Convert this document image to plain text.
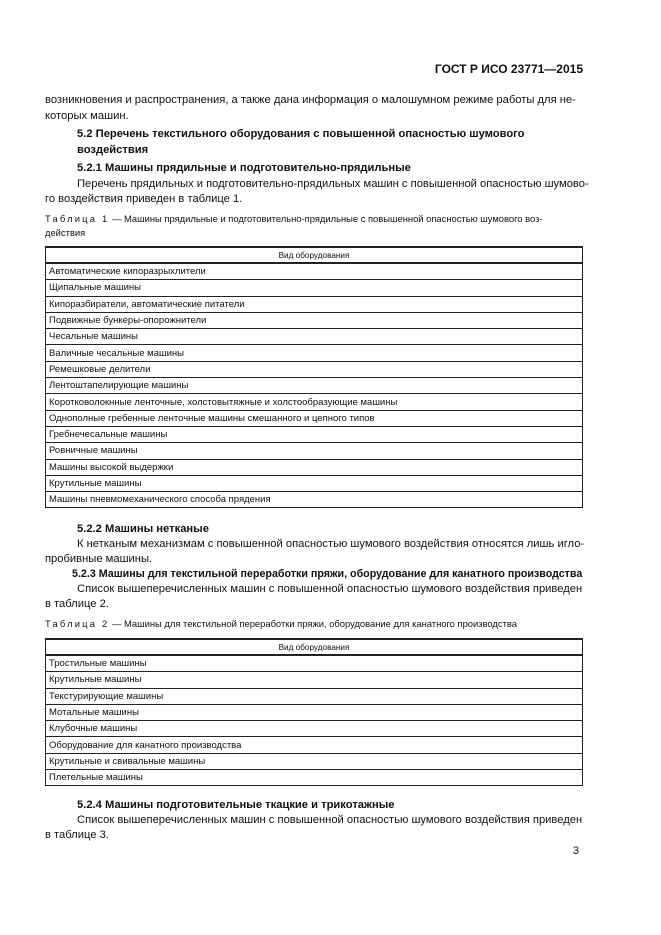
ГОСТ Р ИСО 23771—2015
возникновения и распространения, а также дана информация о малошумном режиме работы для не-
которых машин.
5.2 Перечень текстильного оборудования с повышенной опасностью шумового
воздействия
5.2.1 Машины прядильные и подготовительно-прядильные
Перечень прядильных и подготовительно-прядильных машин с повышенной опасностью шумово-
го воздействия приведен в таблице 1.
Таблица 1 — Машины прядильные и подготовительно-прядильные с повышенной опасностью шумового воз-
действия
Вид оборудования
Автоматические кипоразрыхлители
Щипальные машины
Кипоразбиратели, автоматические питатели
Подвижные бункеры-опорожнители
Чесальные машины
Валичные чесальные машины
Ремешковые делители
Лентоштапелирующие машины
Коротковолокнные ленточные, холстовытяжные и холстообразующие машины
Однополные гребенные ленточные машины смешанного и цепного типов
Гребнечесальные машины
Ровничные машины
Машины высокой выдержки
Крутильные машины
Машины пневмомеханического способа прядения
5.2.2 Машины нетканые
К нетканым механизмам с повышенной опасностью шумового воздействия относятся лишь игло-
пробивные машины.
5.2.3 Машины для текстильной переработки пряжи, оборудование для канатного производства
Список вышеперечисленных машин с повышенной опасностью шумового воздействия приведен
в таблице 2.
Таблица 2 — Машины для текстильной переработки пряжи, оборудование для канатного производства
Вид оборудования
Тростильные машины
Крутильные машины
Текстурирующие машины
Мотальные машины
Клубочные машины
Оборудование для канатного производства
Крутильные и свивальные машины
Плетельные машины
5.2.4 Машины подготовительные ткацкие и трикотажные
Список вышеперечисленных машин с повышенной опасностью шумового воздействия приведен
в таблице 3.
3
